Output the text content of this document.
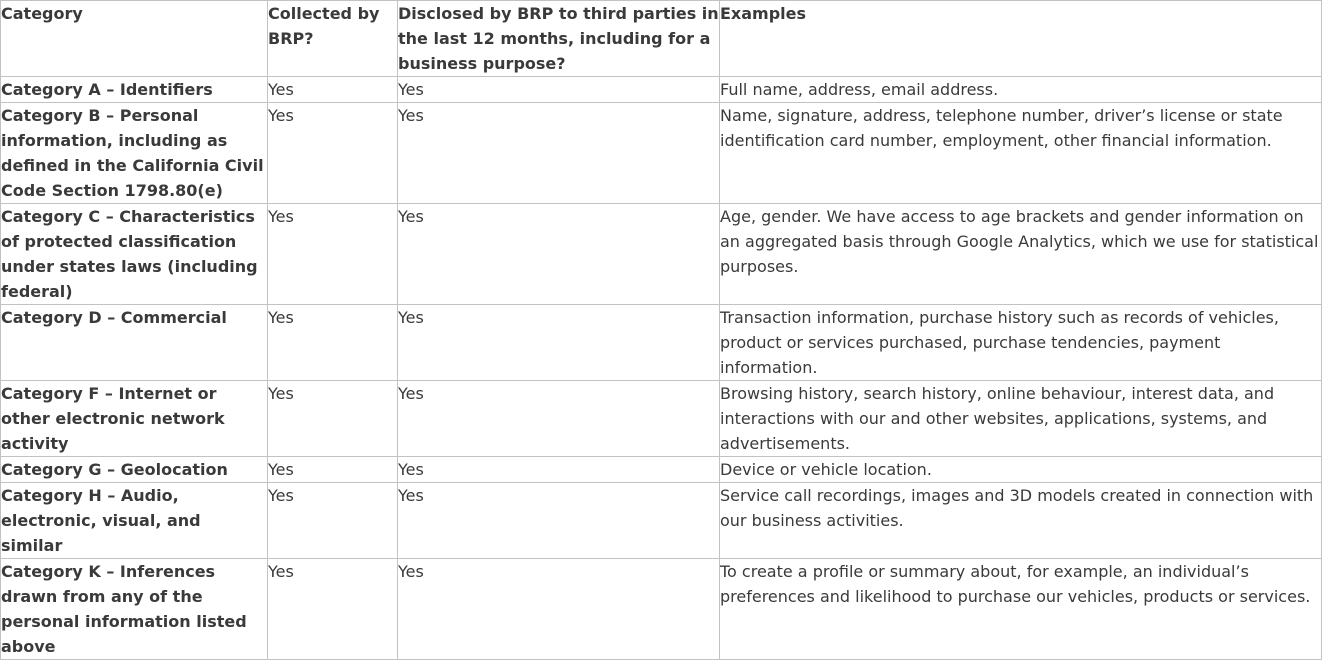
Category	Collected by BRP?	Disclosed by BRP to third parties in the last 12 months, including for a business purpose?	Examples
Category A – Identifiers	Yes	Yes	Full name, address, email address.
Category B – Personal information, including as defined in the California Civil Code Section 1798.80(e)	Yes	Yes	Name, signature, address, telephone number, driver’s license or state identification card number, employment, other financial information.
Category C – Characteristics of protected classification under states laws (including federal)	Yes	Yes	Age, gender. We have access to age brackets and gender information on an aggregated basis through Google Analytics, which we use for statistical purposes.
Category D – Commercial	Yes	Yes	Transaction information, purchase history such as records of vehicles, product or services purchased, purchase tendencies, payment information.
Category F – Internet or other electronic network activity	Yes	Yes	Browsing history, search history, online behaviour, interest data, and interactions with our and other websites, applications, systems, and advertisements.
Category G – Geolocation	Yes	Yes	Device or vehicle location.
Category H – Audio, electronic, visual, and similar	Yes	Yes	Service call recordings, images and 3D models created in connection with our business activities.
Category K – Inferences drawn from any of the personal information listed above	Yes	Yes	To create a profile or summary about, for example, an individual’s preferences and likelihood to purchase our vehicles, products or services.
